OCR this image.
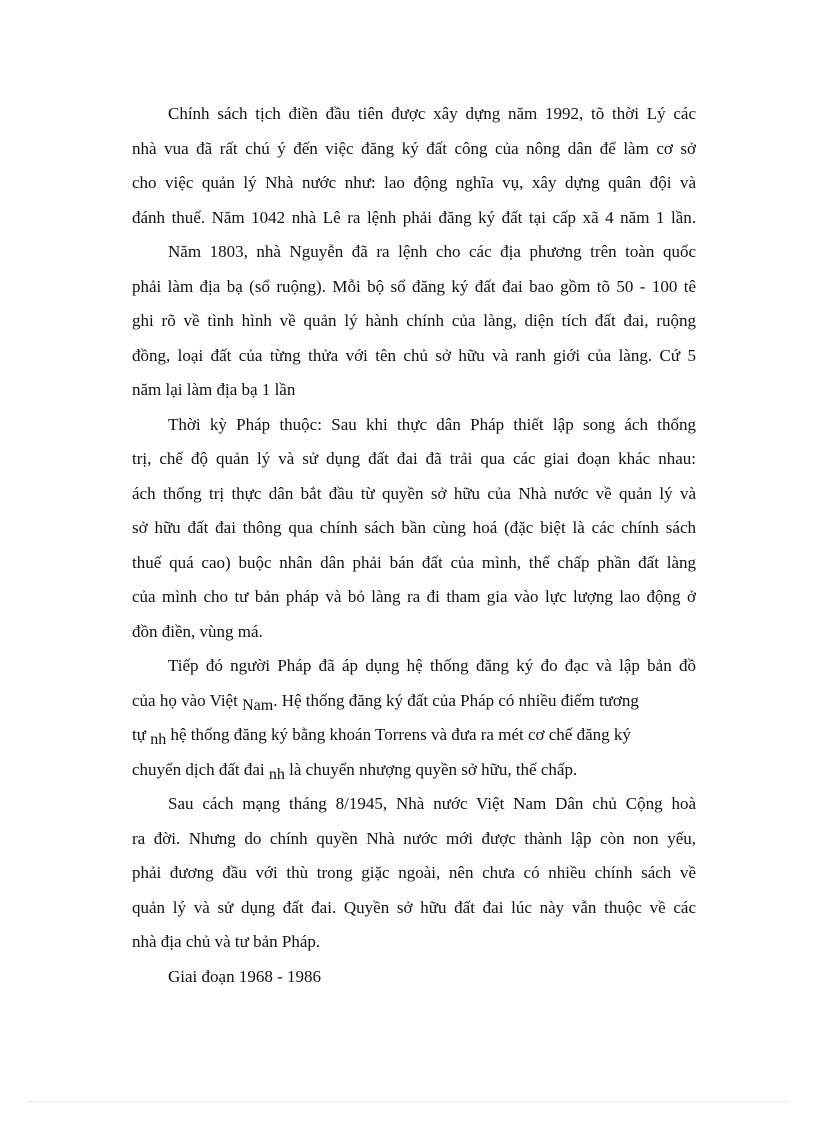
Chính sách tịch điền đầu tiên được xây dựng năm 1992, tõ thời Lý các
nhà vua đã rất chú ý đến việc đăng ký đất công của nông dân để làm cơ sở
cho việc quản lý Nhà nước như: lao động nghĩa vụ, xây dựng quân đội và
đánh thuế. Năm 1042 nhà Lê ra lệnh phải đăng ký đất tại cấp xã 4 năm 1 lần.
Năm 1803, nhà Nguyễn đã ra lệnh cho các địa phương trên toàn quốc
phải làm địa bạ (sổ ruộng). Mỗi bộ sổ đăng ký đất đai bao gồm tõ 50 - 100 tê
ghi rõ về tình hình về quản lý hành chính của làng, diện tích đất đai, ruộng
đồng, loại đất của từng thửa với tên chủ sở hữu và ranh giới của làng. Cứ 5
năm lại làm địa bạ 1 lần
Thời kỳ Pháp thuộc: Sau khi thực dân Pháp thiết lập song ách thống
trị, chế độ quản lý và sử dụng đất đai đã trải qua các giai đoạn khác nhau:
ách thống trị thực dân bắt đầu từ quyền sở hữu của Nhà nước về quản lý và
sở hữu đất đai thông qua chính sách bần cùng hoá (đặc biệt là các chính sách
thuế quá cao) buộc nhân dân phải bán đất của mình, thế chấp phần đất làng
của mình cho tư bản pháp và bỏ làng ra đi tham gia vào lực lượng lao động ở
đồn điền, vùng má.
Tiếp đó người Pháp đã áp dụng hệ thống đăng ký đo đạc và lập bản đồ
của họ vào Việt Nam. Hệ thống đăng ký đất của Pháp có nhiều điểm tương
tự nh hệ thống đăng ký bằng khoán Torrens và đưa ra mét cơ chế đăng ký
chuyển dịch đất đai nh là chuyển nhượng quyền sở hữu, thế chấp.
Sau cách mạng tháng 8/1945, Nhà nước Việt Nam Dân chủ Cộng hoà
ra đời. Nhưng do chính quyền Nhà nước mới được thành lập còn non yếu,
phải đương đầu với thù trong giặc ngoài, nên chưa có nhiều chính sách về
quản lý và sử dụng đất đai. Quyền sở hữu đất đai lúc này vẫn thuộc về các
nhà địa chủ và tư bản Pháp.
Giai đoạn 1968 - 1986
